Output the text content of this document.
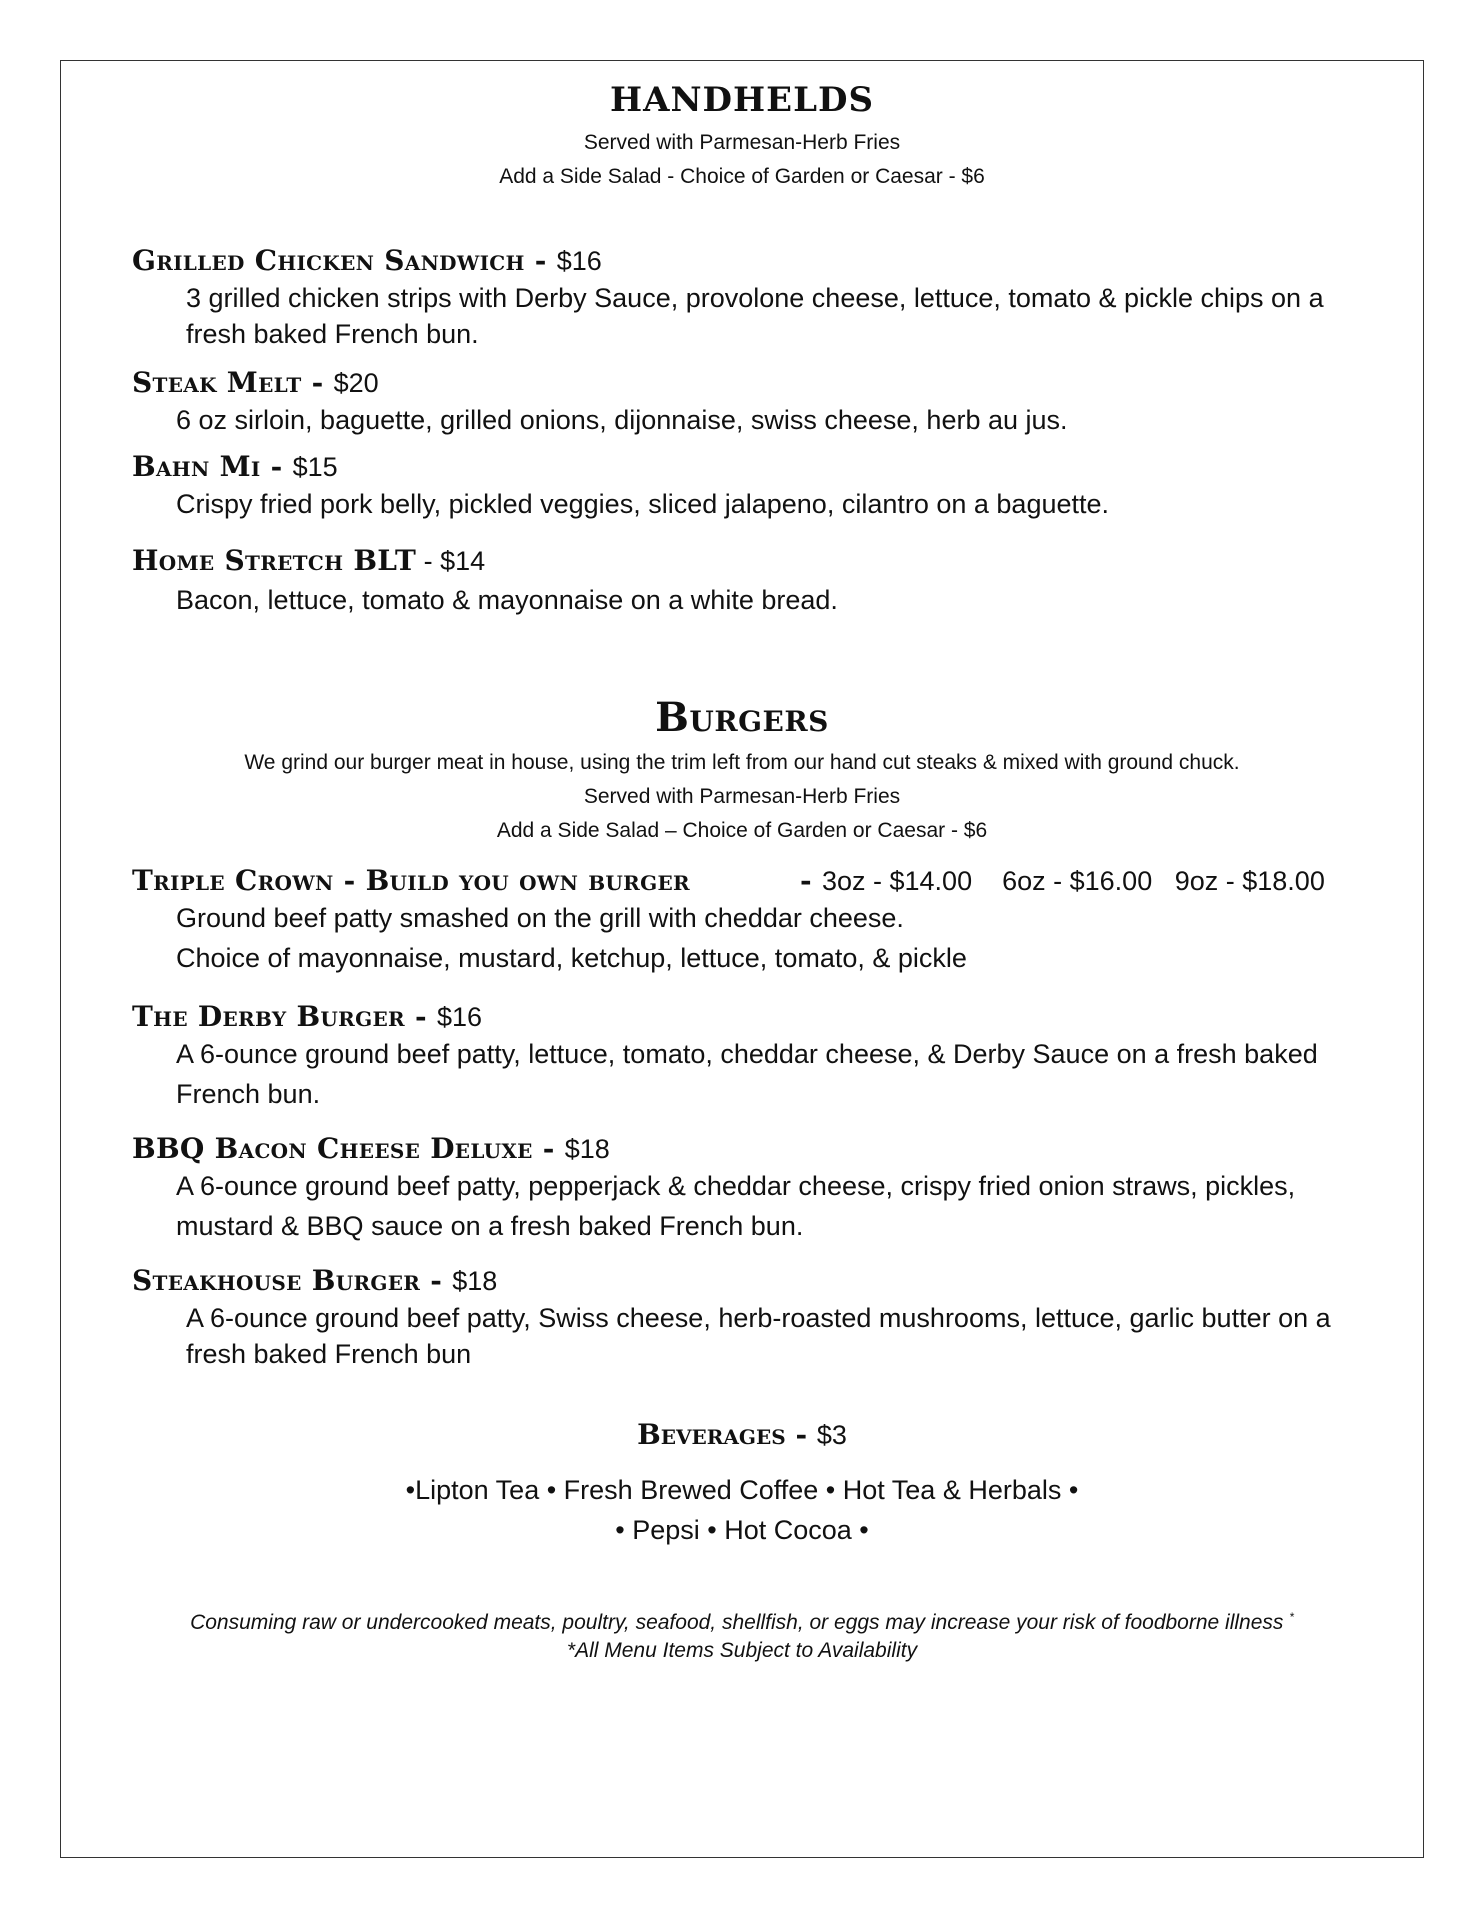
HANDHELDS
Served with Parmesan-Herb Fries
Add a Side Salad - Choice of Garden or Caesar - $6
Grilled Chicken Sandwich - $16
3 grilled chicken strips with Derby Sauce, provolone cheese, lettuce, tomato & pickle chips on a
fresh baked French bun.
Steak Melt - $20
6 oz sirloin, baguette, grilled onions, dijonnaise, swiss cheese, herb au jus.
Bahn Mi - $15
Crispy fried pork belly, pickled veggies, sliced jalapeno, cilantro on a baguette.
Home Stretch BLT - $14
Bacon, lettuce, tomato & mayonnaise on a white bread.
Burgers
We grind our burger meat in house, using the trim left from our hand cut steaks & mixed with ground chuck.
Served with Parmesan-Herb Fries
Add a Side Salad – Choice of Garden or Caesar - $6
Triple Crown - Build you own burger	- 3oz - $14.00 6oz - $16.00 9oz - $18.00
Ground beef patty smashed on the grill with cheddar cheese.
Choice of mayonnaise, mustard, ketchup, lettuce, tomato, & pickle
The Derby Burger - $16
A 6-ounce ground beef patty, lettuce, tomato, cheddar cheese, & Derby Sauce on a fresh baked
French bun.
BBQ Bacon Cheese Deluxe - $18
A 6-ounce ground beef patty, pepperjack & cheddar cheese, crispy fried onion straws, pickles,
mustard & BBQ sauce on a fresh baked French bun.
Steakhouse Burger - $18
A 6-ounce ground beef patty, Swiss cheese, herb-roasted mushrooms, lettuce, garlic butter on a
fresh baked French bun
Beverages - $3
•Lipton Tea • Fresh Brewed Coffee • Hot Tea & Herbals •
• Pepsi • Hot Cocoa •
Consuming raw or undercooked meats, poultry, seafood, shellfish, or eggs may increase your risk of foodborne illness *
*All Menu Items Subject to Availability
